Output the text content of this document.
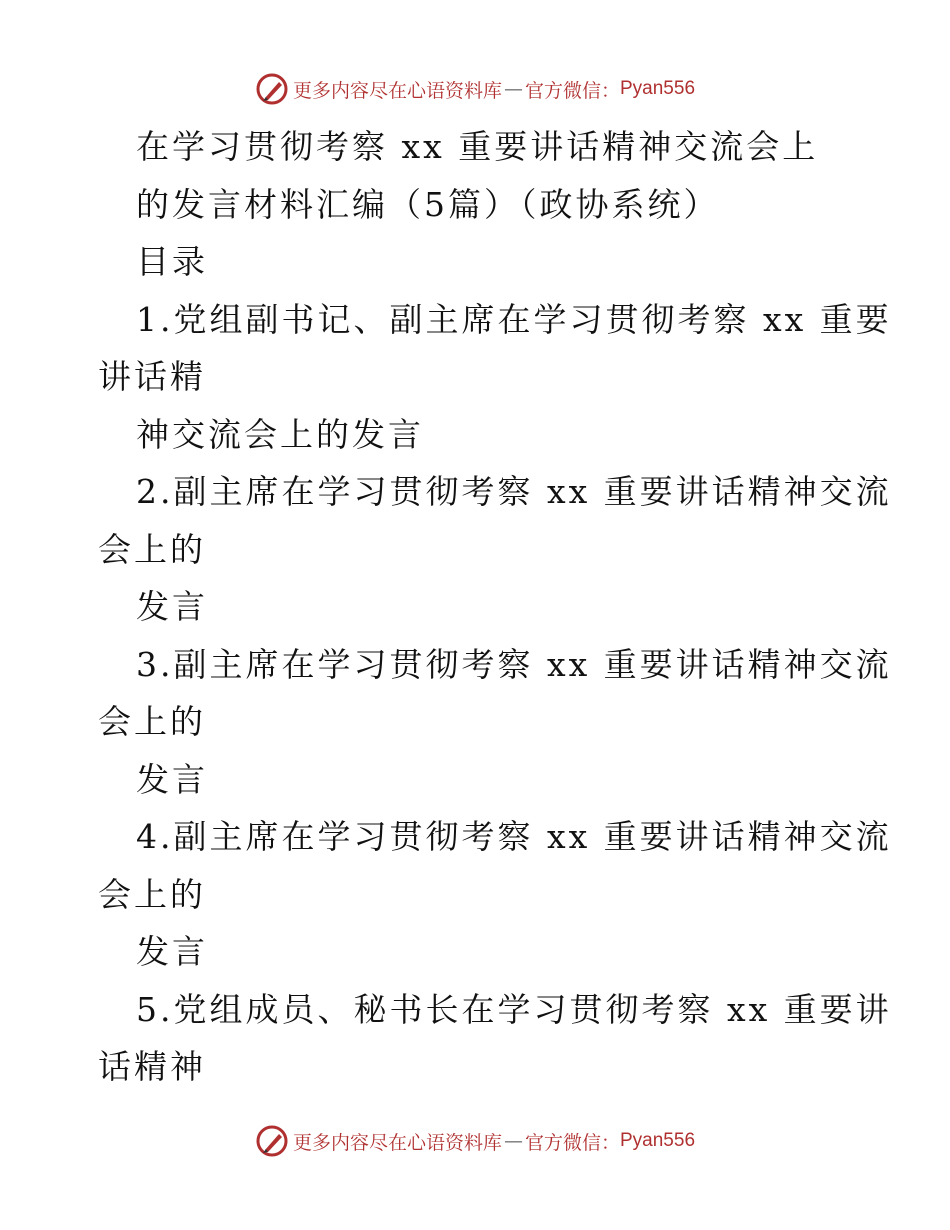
更多内容尽在心语资料库 — 官方微信： Pyan556
在学习贯彻考察 xx 重要讲话精神交流会上
的发言材料汇编（5篇）（政协系统）
目录
1.党组副书记、副主席在学习贯彻考察 xx 重要
讲话精
神交流会上的发言
2.副主席在学习贯彻考察 xx 重要讲话精神交流
会上的
发言
3.副主席在学习贯彻考察 xx 重要讲话精神交流
会上的
发言
4.副主席在学习贯彻考察 xx 重要讲话精神交流
会上的
发言
5.党组成员、秘书长在学习贯彻考察 xx 重要讲
话精神
更多内容尽在心语资料库 — 官方微信： Pyan556
